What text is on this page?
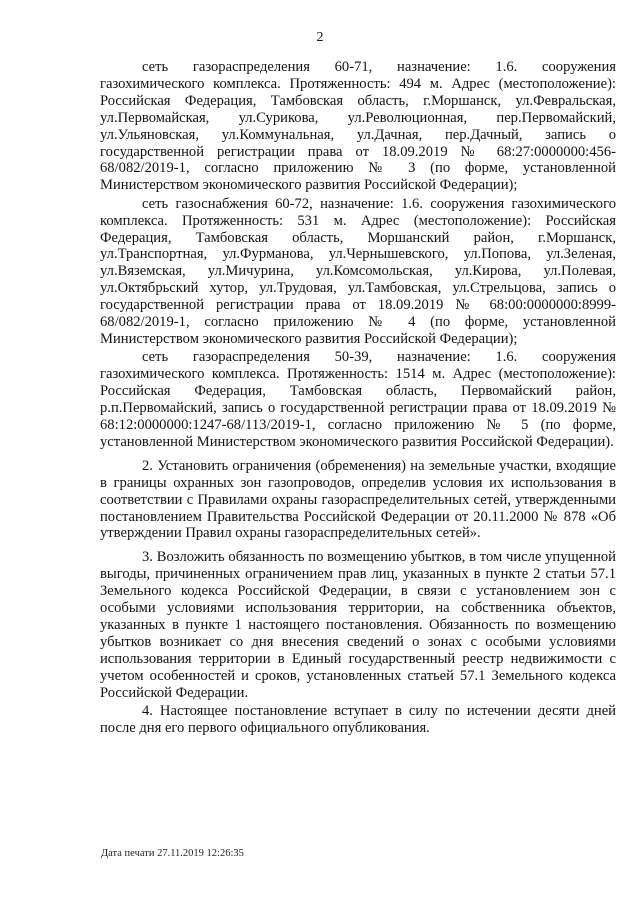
2

сеть газораспределения 60-71, назначение: 1.6. сооружения газохимического комплекса. Протяженность: 494 м. Адрес (местоположение): Российская Федерация, Тамбовская область, г.Моршанск, ул.Февральская, ул.Первомайская, ул.Сурикова, ул.Революционная, пер.Первомайский, ул.Ульяновская, ул.Коммунальная, ул.Дачная, пер.Дачный, запись о государственной регистрации права от 18.09.2019 № 68:27:0000000:456-68/082/2019-1, согласно приложению № 3 (по форме, установленной Министерством экономического развития Российской Федерации);

сеть газоснабжения 60-72, назначение: 1.6. сооружения газохимического комплекса. Протяженность: 531 м. Адрес (местоположение): Российская Федерация, Тамбовская область, Моршанский район, г.Моршанск, ул.Транспортная, ул.Фурманова, ул.Чернышевского, ул.Попова, ул.Зеленая, ул.Вяземская, ул.Мичурина, ул.Комсомольская, ул.Кирова, ул.Полевая, ул.Октябрьский хутор, ул.Трудовая, ул.Тамбовская, ул.Стрельцова, запись о государственной регистрации права от 18.09.2019 № 68:00:0000000:8999-68/082/2019-1, согласно приложению № 4 (по форме, установленной Министерством экономического развития Российской Федерации);

сеть газораспределения 50-39, назначение: 1.6. сооружения газохимического комплекса. Протяженность: 1514 м. Адрес (местоположение): Российская Федерация, Тамбовская область, Первомайский район, р.п.Первомайский, запись о государственной регистрации права от 18.09.2019 № 68:12:0000000:1247-68/113/2019-1, согласно приложению № 5 (по форме, установленной Министерством экономического развития Российской Федерации).

2. Установить ограничения (обременения) на земельные участки, входящие в границы охранных зон газопроводов, определив условия их использования в соответствии с Правилами охраны газораспределительных сетей, утвержденными постановлением Правительства Российской Федерации от 20.11.2000 № 878 «Об утверждении Правил охраны газораспределительных сетей».

3. Возложить обязанность по возмещению убытков, в том числе упущенной выгоды, причиненных ограничением прав лиц, указанных в пункте 2 статьи 57.1 Земельного кодекса Российской Федерации, в связи с установлением зон с особыми условиями использования территории, на собственника объектов, указанных в пункте 1 настоящего постановления. Обязанность по возмещению убытков возникает со дня внесения сведений о зонах с особыми условиями использования территории в Единый государственный реестр недвижимости с учетом особенностей и сроков, установленных статьей 57.1 Земельного кодекса Российской Федерации.

4. Настоящее постановление вступает в силу по истечении десяти дней после дня его первого официального опубликования.

Дата печати 27.11.2019 12:26:35
